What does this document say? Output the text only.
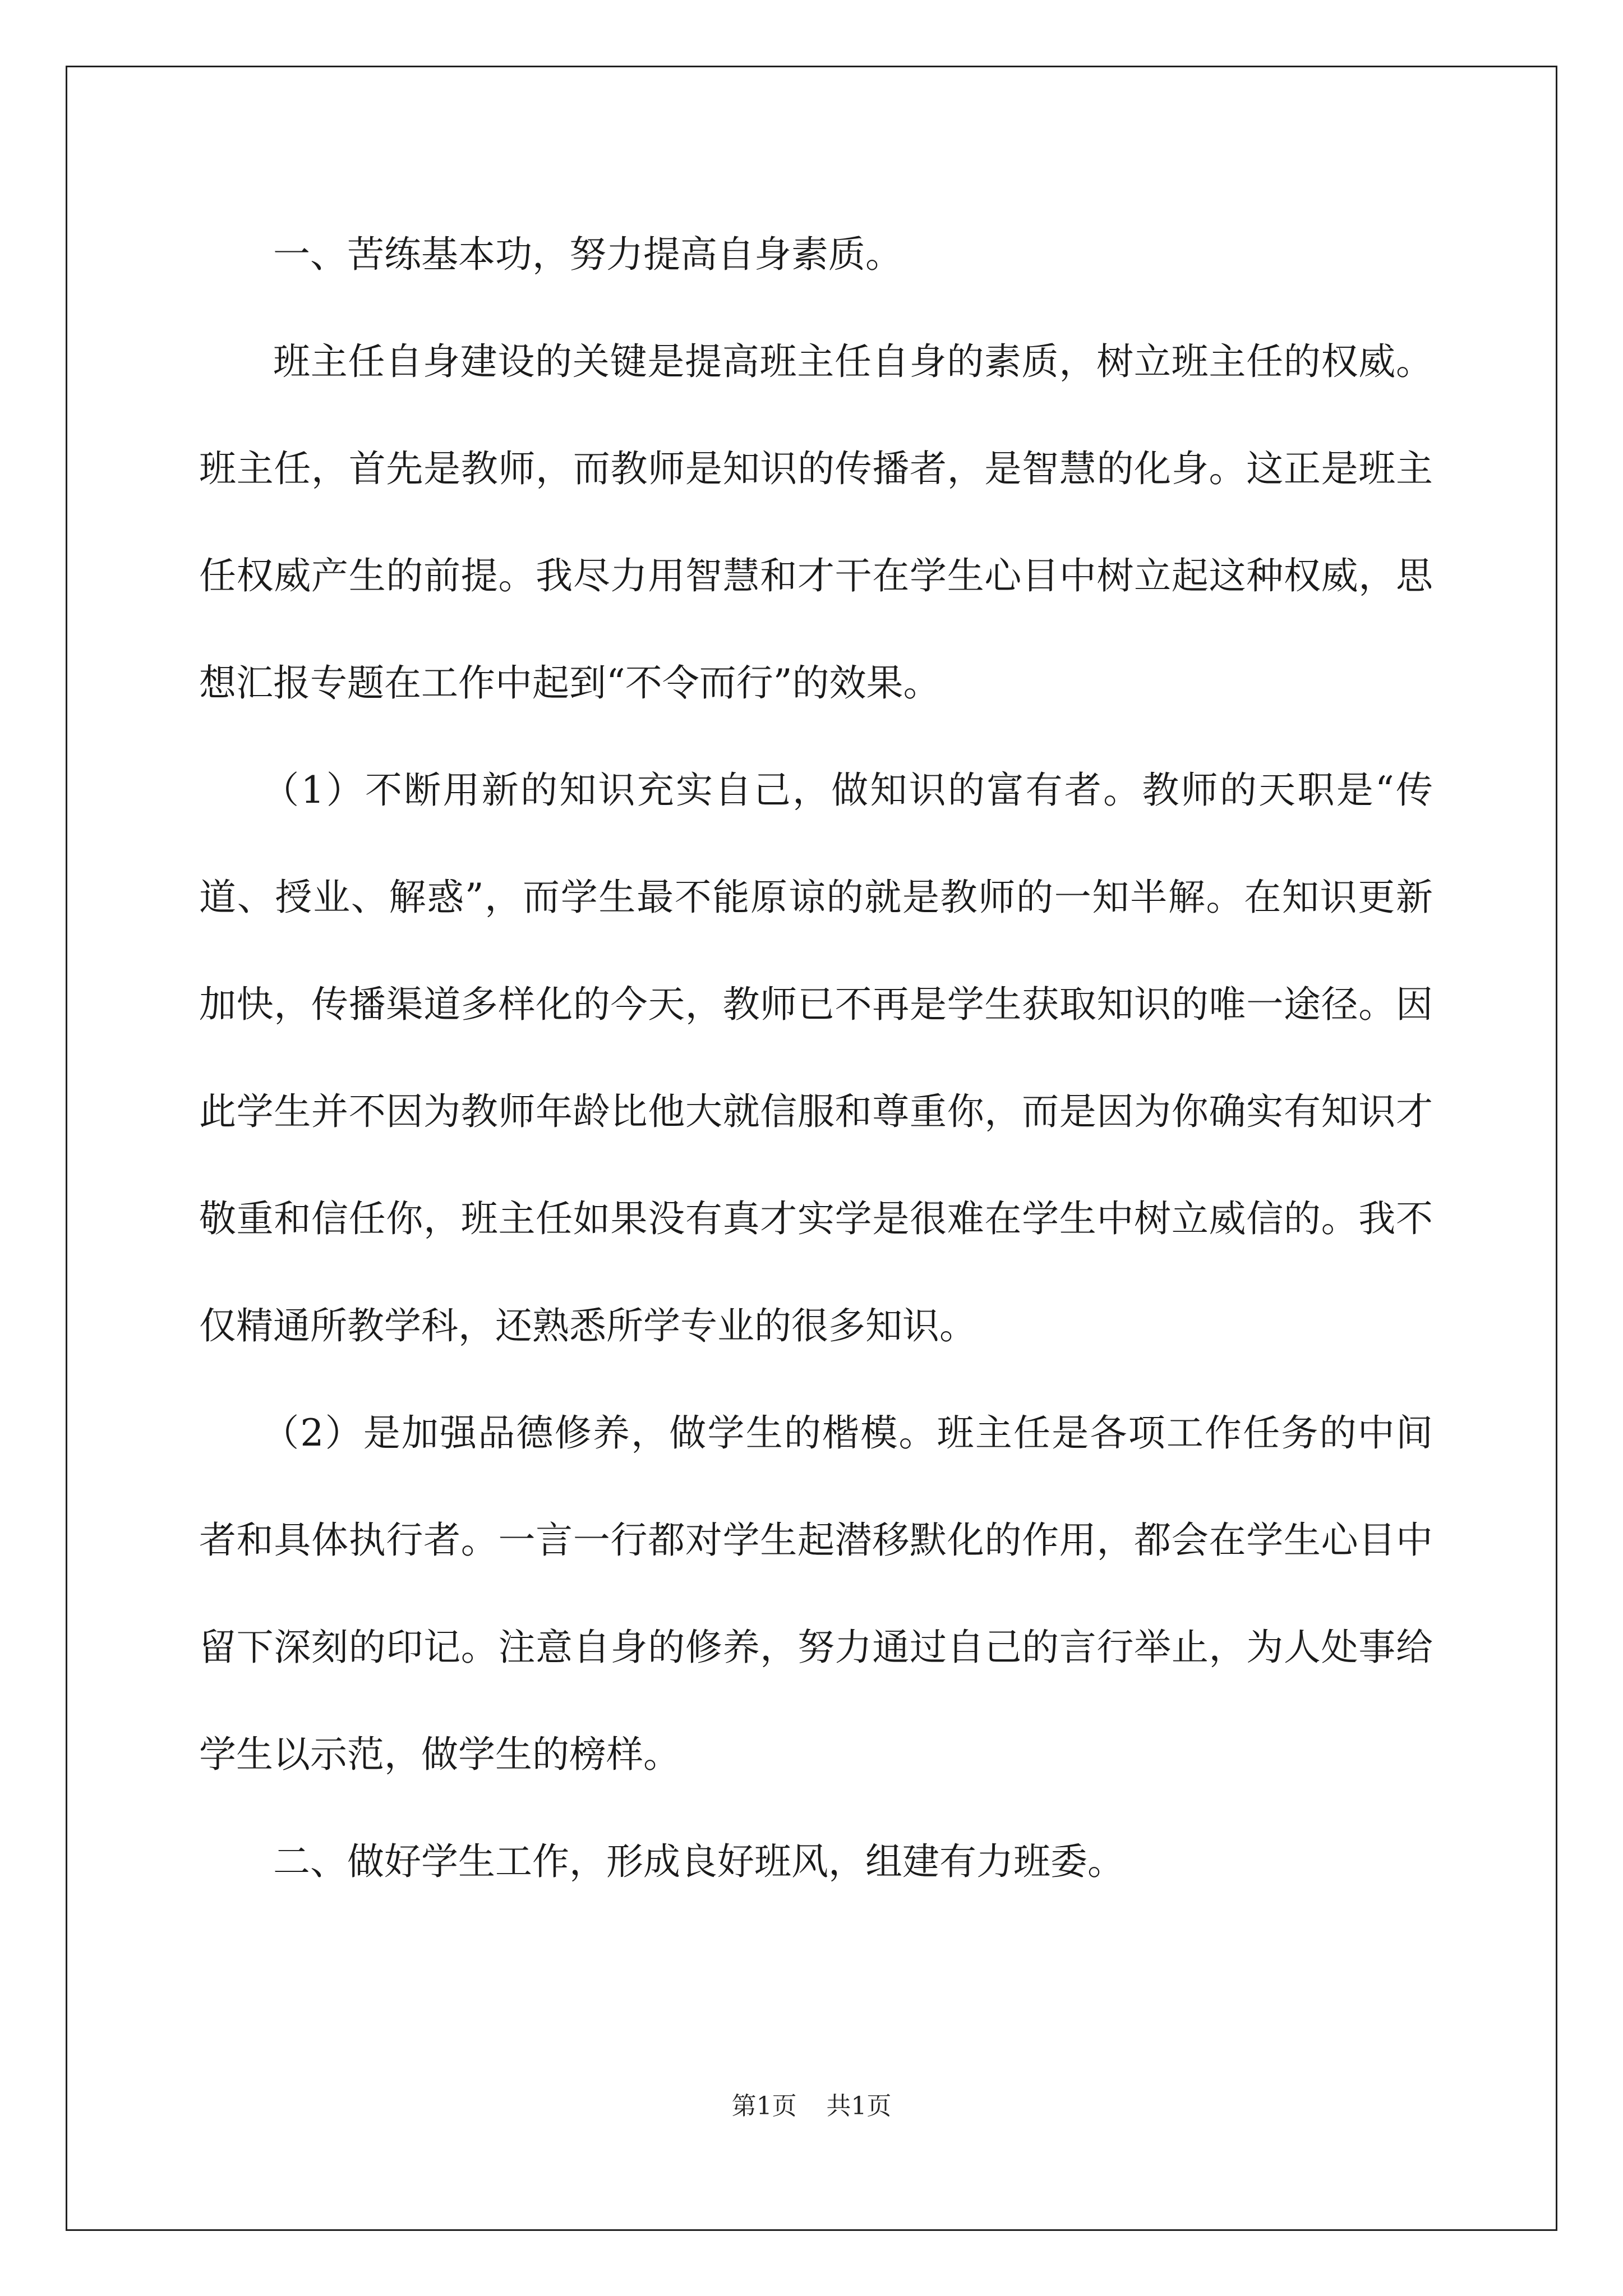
一、苦练基本功，努力提高自身素质。

班主任自身建设的关键是提高班主任自身的素质，树立班主任的权威。班主任，首先是教师，而教师是知识的传播者，是智慧的化身。这正是班主任权威产生的前提。我尽力用智慧和才干在学生心目中树立起这种权威，思想汇报专题在工作中起到“不令而行”的效果。

（1）不断用新的知识充实自己，做知识的富有者。教师的天职是“传道、授业、解惑”，而学生最不能原谅的就是教师的一知半解。在知识更新加快，传播渠道多样化的今天，教师已不再是学生获取知识的唯一途径。因此学生并不因为教师年龄比他大就信服和尊重你，而是因为你确实有知识才敬重和信任你，班主任如果没有真才实学是很难在学生中树立威信的。我不仅精通所教学科，还熟悉所学专业的很多知识。

（2）是加强品德修养，做学生的楷模。班主任是各项工作任务的中间者和具体执行者。一言一行都对学生起潜移默化的作用，都会在学生心目中留下深刻的印记。注意自身的修养，努力通过自己的言行举止，为人处事给学生以示范，做学生的榜样。

二、做好学生工作，形成良好班风，组建有力班委。

第1页 共1页
